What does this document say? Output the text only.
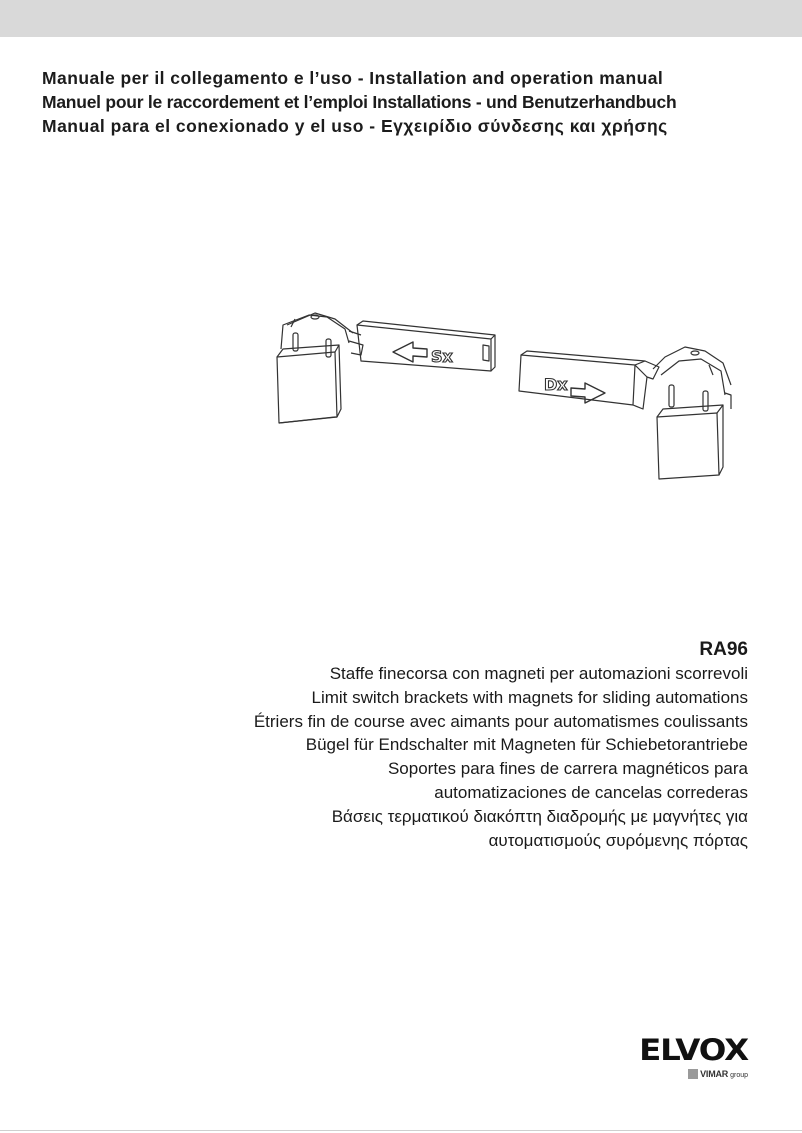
Manuale per il collegamento e l’uso - Installation and operation manual
Manuel pour le raccordement et l’emploi Installations - und Benutzerhandbuch
Manual para el conexionado y el uso - Εγχειρίδιο σύνδεσης και χρήσης
Sx
Dx
RA96
Staffe finecorsa con magneti per automazioni scorrevoli
Limit switch brackets with magnets for sliding automations
Étriers fin de course avec aimants pour automatismes coulissants
Bügel für Endschalter mit Magneten für Schiebetorantriebe
Soportes para fines de carrera magnéticos para
automatizaciones de cancelas correderas
Βάσεις τερματικού διακόπτη διαδρομής με μαγνήτες για
αυτοματισμούς συρόμενης πόρτας
ELVOX
VIMAR group
